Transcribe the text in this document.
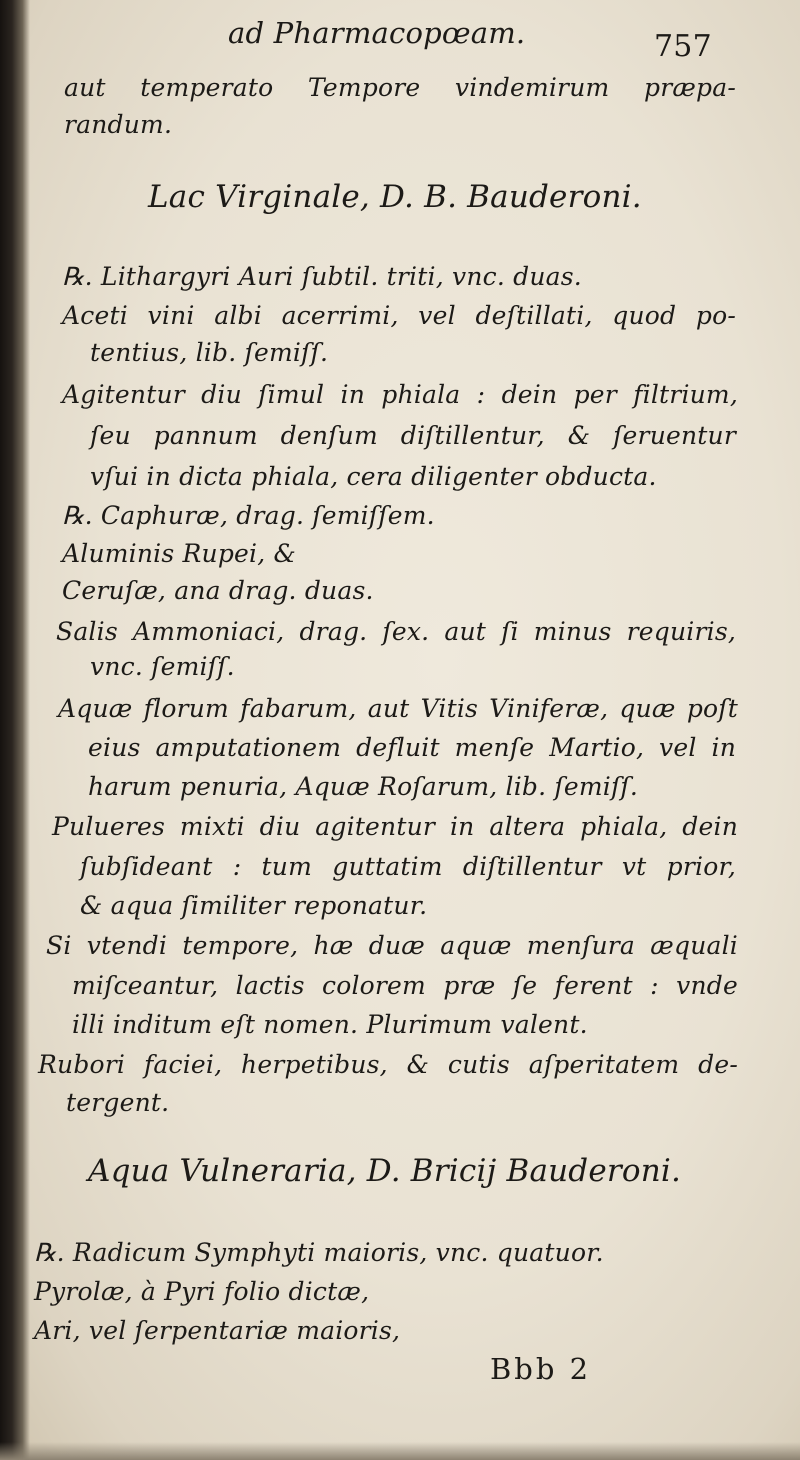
ad Pharmacopœam.	757
aut temperato Tempore vindemirum præpa-
randum.
Lac Virginale, D. B. Bauderoni.
℞. Lithargyri Auri ſubtil. triti, vnc. duas.
Aceti vini albi acerrimi, vel deſtillati, quod po-
tentius, lib. ſemiſſ.
Agitentur diu ſimul in phiala : dein per filtrium,
ſeu pannum denſum diſtillentur, & ſeruentur
vſui in dicta phiala, cera diligenter obducta.
℞. Caphuræ, drag. ſemiſſem.
Aluminis Rupei, &
Ceruſæ, ana drag. duas.
Salis Ammoniaci, drag. ſex. aut ſi minus requiris,
vnc. ſemiſſ.
Aquæ florum fabarum, aut Vitis Viniferæ, quæ poſt
eius amputationem defluit menſe Martio, vel in
harum penuria, Aquæ Roſarum, lib. ſemiſſ.
Pulueres mixti diu agitentur in altera phiala, dein
ſubſideant : tum guttatim diſtillentur vt prior,
& aqua ſimiliter reponatur.
Si vtendi tempore, hæ duæ aquæ menſura æquali
miſceantur, lactis colorem præ ſe ferent : vnde
illi inditum eſt nomen. Plurimum valent.
Rubori faciei, herpetibus, & cutis aſperitatem de-
tergent.
Aqua Vulneraria, D. Bricij Bauderoni.
℞. Radicum Symphyti maioris, vnc. quatuor.
Pyrolæ, à Pyri folio dictæ,
Ari, vel ſerpentariæ maioris,
Bbb 2
